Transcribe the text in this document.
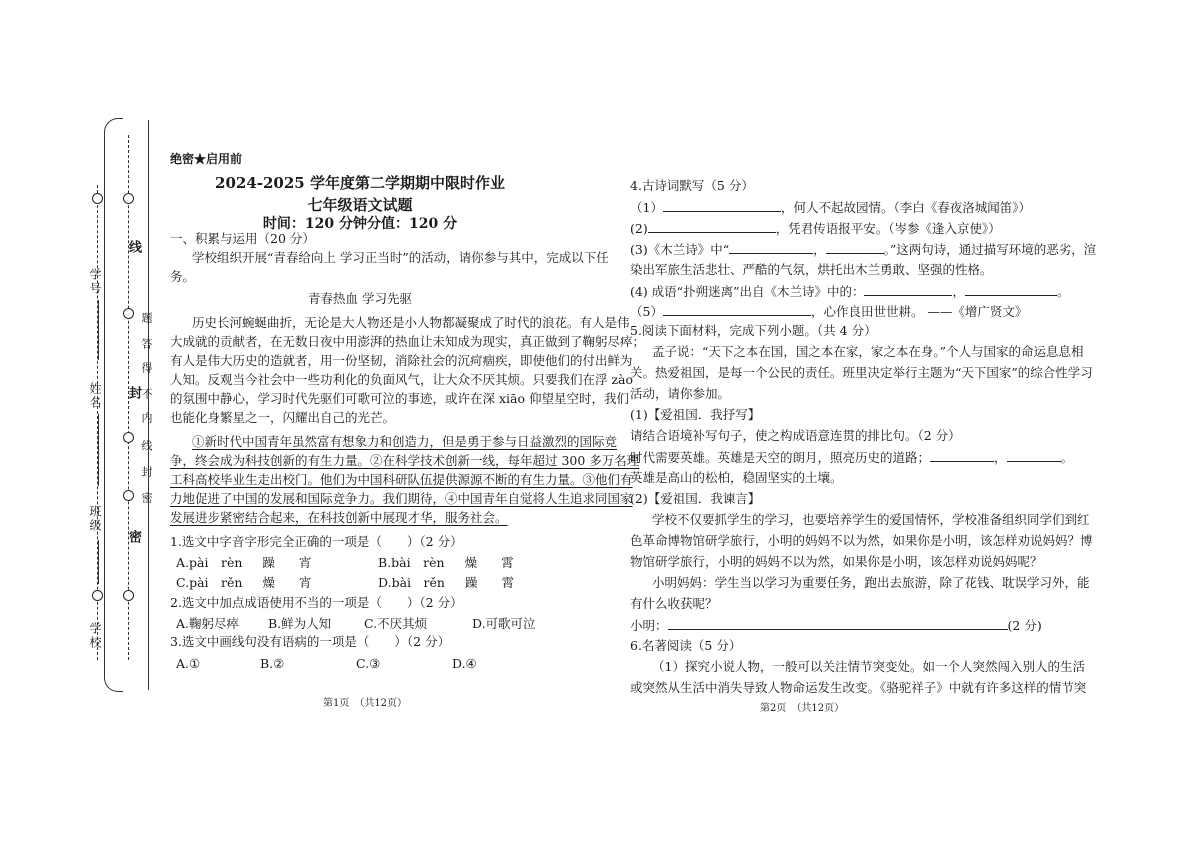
学号
姓名
班级
学校
线
题
答
得
不
内
线
封
密
封
密
绝密★启用前
2024-2025 学年度第二学期期中限时作业
七年级语文试题
时间：120 分钟分值：120 分
一、积累与运用（20 分）
学校组织开展“青春给向上 学习正当时”的活动，请你参与其中，完成以下任
务。
青春热血 学习先驱
历史长河蜿蜒曲折，无论是大人物还是小人物都凝聚成了时代的浪花。有人是伟
大成就的贡献者，在无数日夜中用澎湃的热血让未知成为现实，真正做到了鞠躬尽瘁；
有人是伟大历史的造就者，用一份坚韧，消除社会的沉疴痼疾，即使他们的付出鲜为
人知。反观当今社会中一些功利化的负面风气，让大众不厌其烦。只要我们在浮 zào
的氛围中静心，学习时代先驱们可歌可泣的事迹，或许在深 xiāo 仰望星空时，我们
也能化身繁星之一，闪耀出自己的光芒。
①新时代中国青年虽然富有想象力和创造力，但是勇于参与日益激烈的国际竞
争，终会成为科技创新的有生力量。②在科学技术创新一线，每年超过 300 多万名理
工科高校毕业生走出校门。他们为中国科研队伍提供源源不断的有生力量。③他们有
力地促进了中国的发展和国际竞争力。我们期待，④中国青年自觉将人生追求同国家
发展进步紧密结合起来，在科技创新中展现才华，服务社会。
1.选文中字音字形完全正确的一项是（　　）（2 分）
A.pài　rèn 躁 宵	B.bài　rèn 燥 霄
C.pài　rěn 燥 宵	D.bài　rěn 躁 霄
2.选文中加点成语使用不当的一项是（　　）（2 分）
A.鞠躬尽瘁 B.鲜为人知	C.不厌其烦	D.可歌可泣
3.选文中画线句没有语病的一项是（　　）（2 分）
A.①	B.②	C.③	D.④
第1页　（共12页）
4.古诗词默写（5 分）
（1）	，何人不起故园情。（李白《春夜洛城闻笛》）
(2)	，凭君传语报平安。（岑参《逢入京使》）
(3)《木兰诗》中“	，	。”这两句诗，通过描写环境的恶劣，渲
染出军旅生活悲壮、严酷的气氛，烘托出木兰勇敢、坚强的性格。
(4) 成语“扑朔迷离”出自《木兰诗》中的：	，	。
（5）	，心作良田世世耕。 ——《增广贤文》
5.阅读下面材料，完成下列小题。（共 4 分）
孟子说：“天下之本在国，国之本在家，家之本在身。”个人与国家的命运息息相
关。热爱祖国，是每一个公民的责任。班里决定举行主题为“天下国家”的综合性学习
活动，请你参加。
(1)【爱祖国．我抒写】
请结合语境补写句子，使之构成语意连贯的排比句。（2 分）
时代需要英雄。英雄是天空的朗月，照亮历史的道路；	，	。
英雄是高山的松柏，稳固坚实的土壤。
(2)【爱祖国．我谏言】
学校不仅要抓学生的学习，也要培养学生的爱国情怀，学校准备组织同学们到红
色革命博物馆研学旅行，小明的妈妈不以为然，如果你是小明，该怎样劝说妈妈？博
物馆研学旅行，小明的妈妈不以为然，如果你是小明，该怎样劝说妈妈呢？
小明妈妈：学生当以学习为重要任务，跑出去旅游，除了花钱、耽误学习外，能
有什么收获呢？
小明：	(2 分)
6.名著阅读（5 分）
（1）探究小说人物，一般可以关注情节突变处。如一个人突然闯入别人的生活
或突然从生活中消失导致人物命运发生改变。《骆驼祥子》中就有许多这样的情节突
第2页　（共12页）
